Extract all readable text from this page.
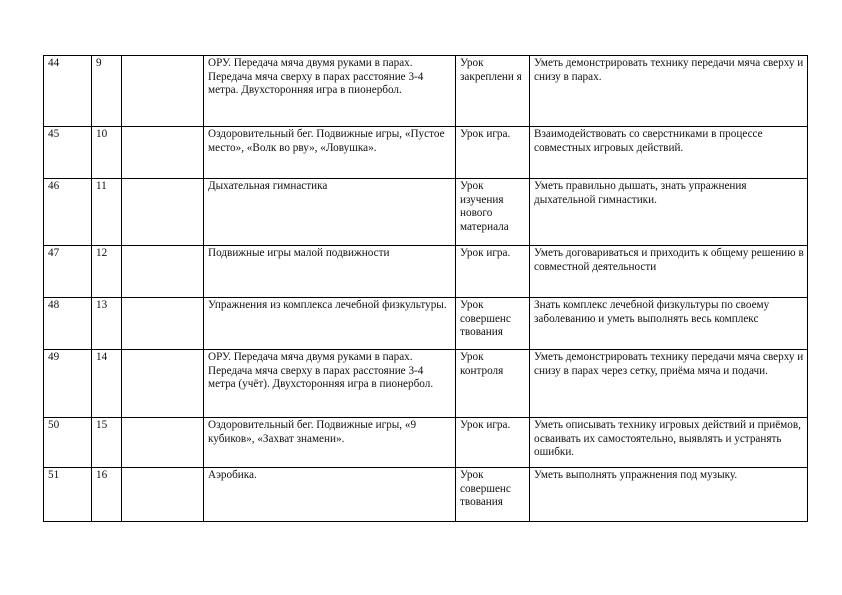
44	9		ОРУ. Передача мяча двумя руками в парах. Передача мяча сверху в парах расстояние 3-4 метра. Двухсторонняя игра в пионербол.	Урок закреплени я	Уметь демонстрировать технику передачи мяча сверху и снизу в парах.
45	10		Оздоровительный бег. Подвижные игры, «Пустое место», «Волк во рву», «Ловушка».	Урок игра.	Взаимодействовать со сверстниками в процессе совместных игровых действий.
46	11		Дыхательная гимнастика	Урок изучения нового материала	Уметь правильно дышать, знать упражнения дыхательной гимнастики.
47	12		Подвижные игры малой подвижности	Урок игра.	Уметь договариваться и приходить к общему решению в совместной деятельности
48	13		Упражнения из комплекса лечебной физкультуры.	Урок совершенс твования	Знать комплекс лечебной физкультуры по своему заболеванию и уметь выполнять весь комплекс
49	14		ОРУ. Передача мяча двумя руками в парах. Передача мяча сверху в парах расстояние 3-4 метра (учёт). Двухсторонняя игра в пионербол.	Урок контроля	Уметь демонстрировать технику передачи мяча сверху и снизу в парах через сетку, приёма мяча и подачи.
50	15		Оздоровительный бег. Подвижные игры, «9 кубиков», «Захват знамени».	Урок игра.	Уметь описывать технику игровых действий и приёмов, осваивать их самостоятельно, выявлять и устранять ошибки.
51	16		Аэробика.	Урок совершенс твования	Уметь выполнять упражнения под музыку.
